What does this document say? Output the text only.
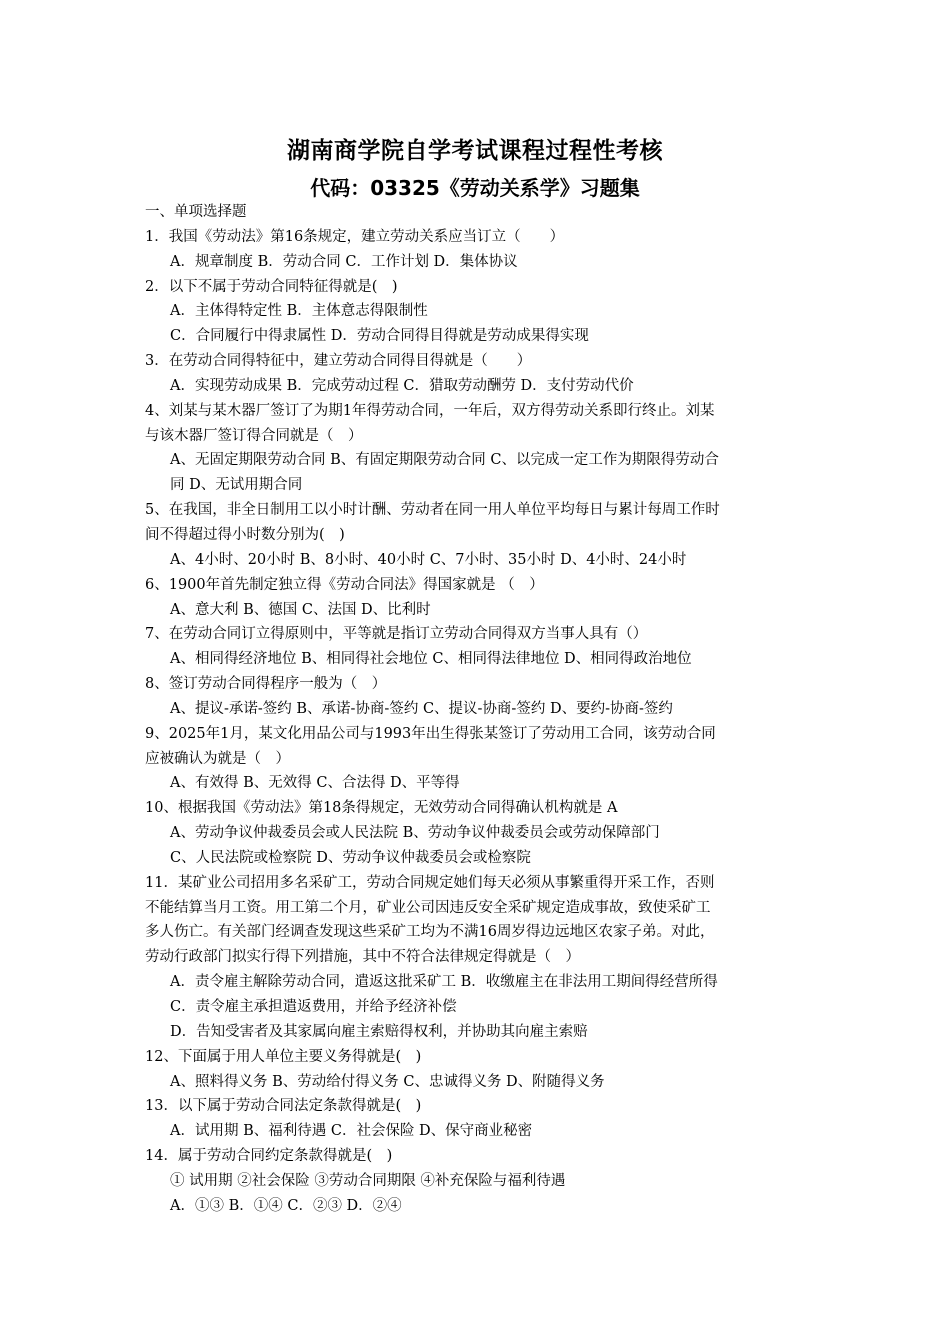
湖南商学院自学考试课程过程性考核
代码：03325《劳动关系学》习题集

一、单项选择题

1．我国《劳动法》第16条规定，建立劳动关系应当订立（　　）

A．规章制度 B．劳动合同 C．工作计划 D．集体协议

2．以下不属于劳动合同特征得就是(　)

A．主体得特定性 B．主体意志得限制性

C．合同履行中得隶属性 D．劳动合同得目得就是劳动成果得实现

3．在劳动合同得特征中，建立劳动合同得目得就是（　　）

A．实现劳动成果 B．完成劳动过程 C．猎取劳动酬劳 D．支付劳动代价

4、刘某与某木器厂签订了为期1年得劳动合同，一年后，双方得劳动关系即行终止。刘某

与该木器厂签订得合同就是（　）

A、无固定期限劳动合同 B、有固定期限劳动合同 C、以完成一定工作为期限得劳动合

同 D、无试用期合同

5、在我国，非全日制用工以小时计酬、劳动者在同一用人单位平均每日与累计每周工作时

间不得超过得小时数分别为(　)

A、4小时、20小时 B、8小时、40小时 C、7小时、35小时 D、4小时、24小时

6、1900年首先制定独立得《劳动合同法》得国家就是 （　）

A、意大利 B、德国 C、法国 D、比利时

7、在劳动合同订立得原则中，平等就是指订立劳动合同得双方当事人具有（）

A、相同得经济地位 B、相同得社会地位 C、相同得法律地位 D、相同得政治地位

8、签订劳动合同得程序一般为（　）

A、提议-承诺-签约 B、承诺-协商-签约 C、提议-协商-签约 D、要约-协商-签约

9、2025年1月，某文化用品公司与1993年出生得张某签订了劳动用工合同，该劳动合同

应被确认为就是（　）

A、有效得 B、无效得 C、合法得 D、平等得

10、根据我国《劳动法》第18条得规定，无效劳动合同得确认机构就是 A

A、劳动争议仲裁委员会或人民法院 B、劳动争议仲裁委员会或劳动保障部门

C、人民法院或检察院 D、劳动争议仲裁委员会或检察院

11．某矿业公司招用多名采矿工，劳动合同规定她们每天必须从事繁重得开采工作，否则

不能结算当月工资。用工第二个月，矿业公司因违反安全采矿规定造成事故，致使采矿工

多人伤亡。有关部门经调查发现这些采矿工均为不满16周岁得边远地区农家子弟。对此，

劳动行政部门拟实行得下列措施，其中不符合法律规定得就是（　）

A．责令雇主解除劳动合同，遣返这批采矿工 B．收缴雇主在非法用工期间得经营所得

C．责令雇主承担遣返费用，并给予经济补偿

D．告知受害者及其家属向雇主索赔得权利，并协助其向雇主索赔

12、下面属于用人单位主要义务得就是(　)

A、照料得义务 B、劳动给付得义务 C、忠诚得义务 D、附随得义务

13．以下属于劳动合同法定条款得就是(　)

A．试用期 B、福利待遇 C．社会保险 D、保守商业秘密

14．属于劳动合同约定条款得就是(　)

① 试用期 ②社会保险 ③劳动合同期限 ④补充保险与福利待遇

A．①③ B．①④ C．②③ D．②④
